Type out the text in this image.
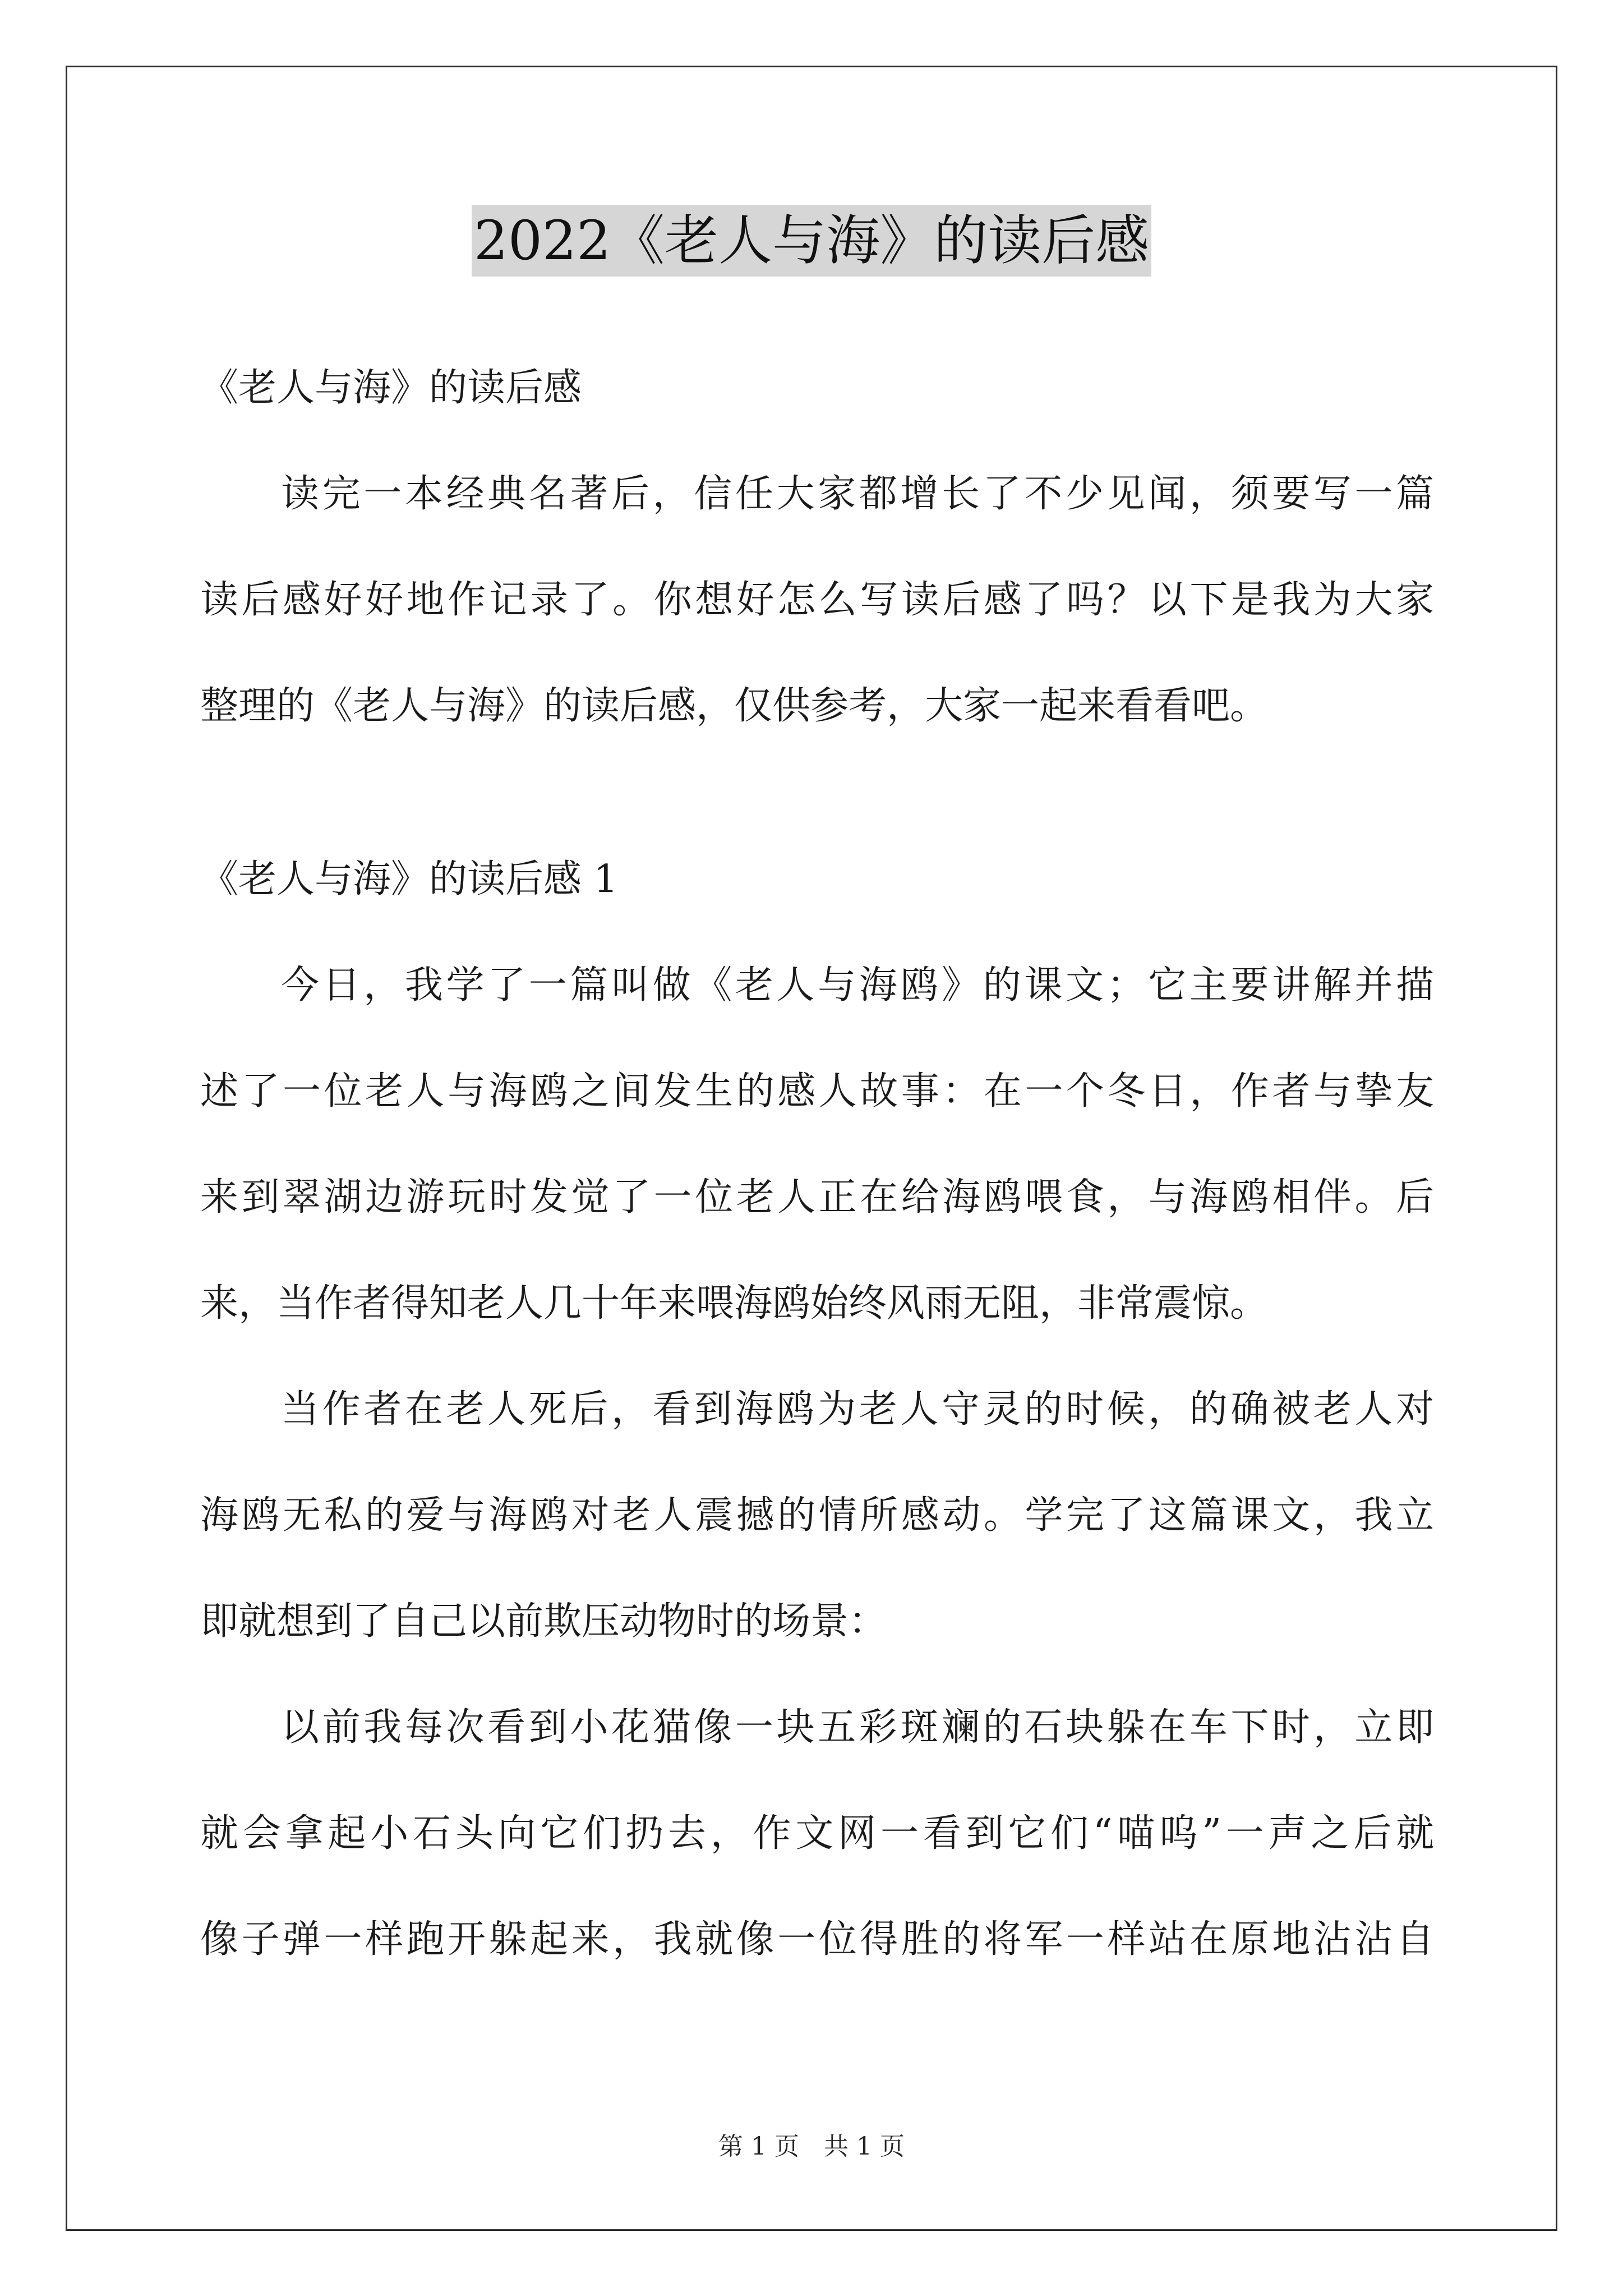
2022《老人与海》的读后感
《老人与海》的读后感
读完一本经典名著后，信任大家都增长了不少见闻，须要写一篇
读后感好好地作记录了。你想好怎么写读后感了吗？以下是我为大家
整理的《老人与海》的读后感，仅供参考，大家一起来看看吧。
《老人与海》的读后感 1
今日，我学了一篇叫做《老人与海鸥》的课文；它主要讲解并描
述了一位老人与海鸥之间发生的感人故事：在一个冬日，作者与挚友
来到翠湖边游玩时发觉了一位老人正在给海鸥喂食，与海鸥相伴。后
来，当作者得知老人几十年来喂海鸥始终风雨无阻，非常震惊。
当作者在老人死后，看到海鸥为老人守灵的时候，的确被老人对
海鸥无私的爱与海鸥对老人震撼的情所感动。学完了这篇课文，我立
即就想到了自己以前欺压动物时的场景：
以前我每次看到小花猫像一块五彩斑斓的石块躲在车下时，立即
就会拿起小石头向它们扔去，作文网一看到它们“喵呜”一声之后就
像子弹一样跑开躲起来，我就像一位得胜的将军一样站在原地沾沾自
第 1 页　共 1 页
